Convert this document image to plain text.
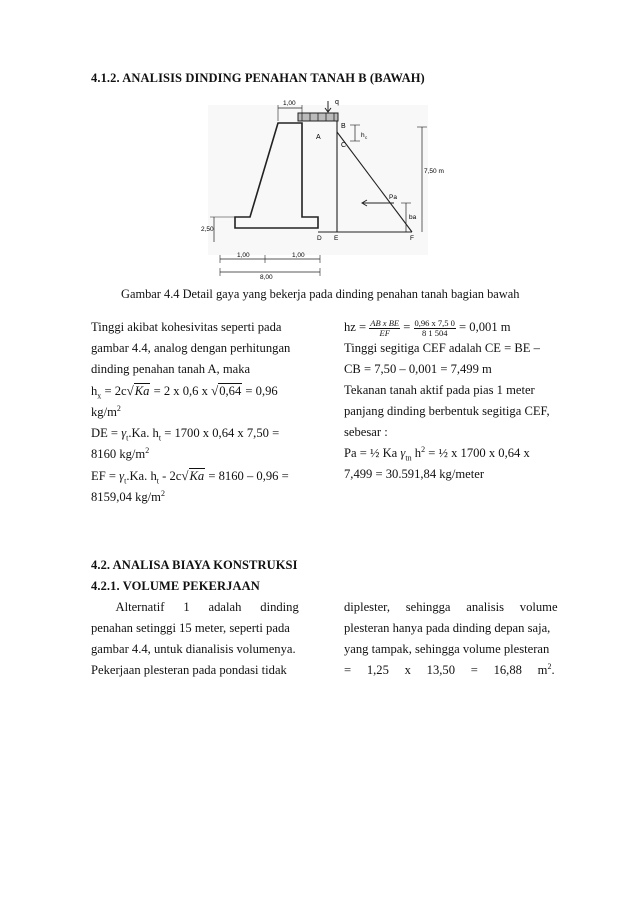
4.1.2. ANALISIS DINDING PENAHAN TANAH B (BAWAH)
1,00	q
A
B
C
h c
7,50 m
Pa
ba
2,50
D E	F
1,00	1,00
8,00
Gambar 4.4 Detail gaya yang bekerja pada dinding penahan tanah bagian bawah
Tinggi akibat kohesivitas seperti pada
gambar 4.4, analog dengan perhitungan
dinding penahan tanah A, maka
$h_x = 2c√Ka = 2$ x 0,6 x √0,64 = 0,96
$kg/m^2$
DE = $\gamma_t.Ka$. $h_t = 1700$ x 0,64 x 7,50 =
8160 $kg/m^2$
EF = $\gamma_t.Ka$. $h_t - 2c√Ka = 8160 - 0,96$ =
8159,04 $kg/m^2$
hz = $\frac{\text{AB x BE}}{EF} = \frac{0,96 x 7,5 0}{8 1 504} = 0,001$ m
Tinggi segitiga CEF adalah CE = BE –
CB = 7,50 – 0,001 = 7,499 m
Tekanan tanah aktif pada pias 1 meter
panjang dinding berbentuk segitiga CEF,
sebesar :
Pa = ½ Ka $\gamma_{tn}$ $h^2$ = ½ x 1700 x 0,64 x
7,499 = 30.591,84 kg/meter
4.2. ANALISA BIAYA KONSTRUKSI
4.2.1. VOLUME PEKERJAAN
Alternatif      1      adalah      dinding
penahan setinggi 15 meter, seperti pada
gambar 4.4, untuk dianalisis volumenya.
Pekerjaan plesteran pada pondasi tidak
diplester,     sehingga     analisis     volume
plesteran hanya pada dinding depan saja,
yang tampak, sehingga volume plesteran
=     1,25     x     13,50     =     16,88     $m^2$.
